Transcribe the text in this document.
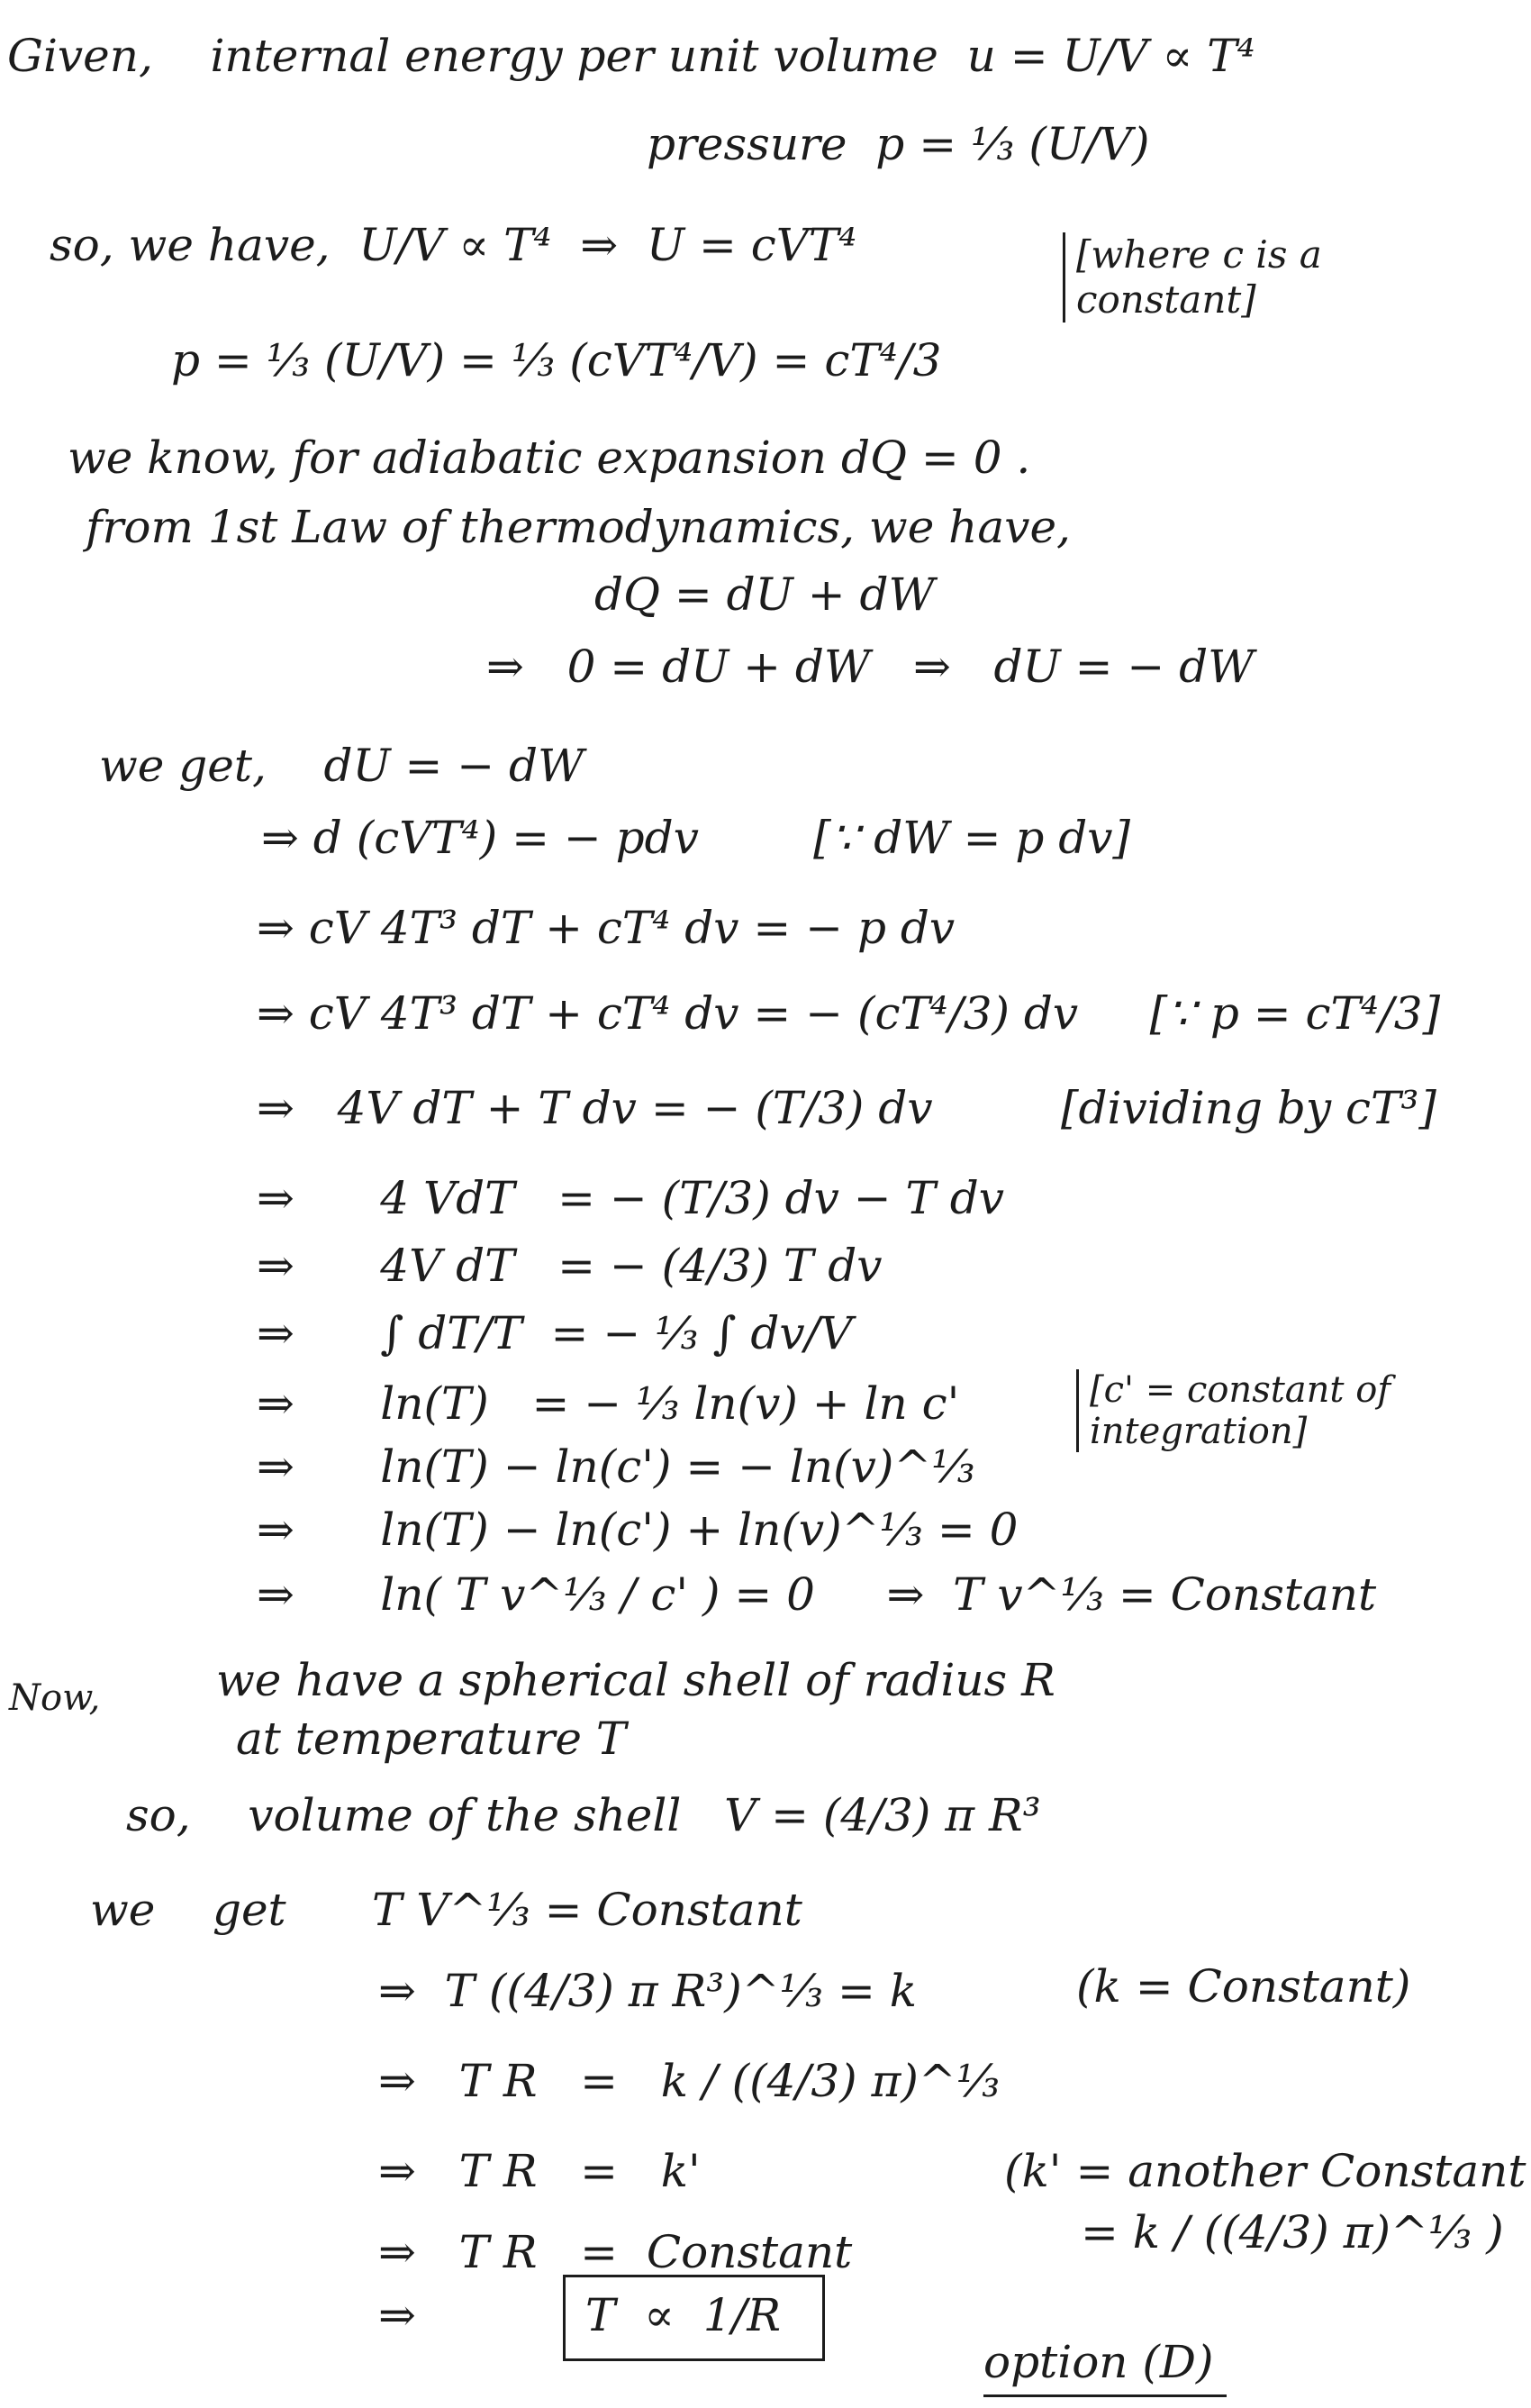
Given,    internal energy per unit volume  u = U/V ∝ T⁴
pressure  p = ⅓ (U/V)
so, we have,  U/V ∝ T⁴  ⇒  U = cVT⁴	[where c is a constant]
p = ⅓ (U/V) = ⅓ (cVT⁴/V) = cT⁴/3
we know, for adiabatic expansion dQ = 0 .
from 1st Law of thermodynamics, we have,
dQ = dU + dW
⇒   0 = dU + dW   ⇒   dU = − dW
we get,    dU = − dW
⇒ d (cVT⁴) = − pdv        [∵ dW = p dv]
⇒ cV 4T³ dT + cT⁴ dv = − p dv
⇒ cV 4T³ dT + cT⁴ dv = − (cT⁴/3) dv     [∵ p = cT⁴/3]
⇒   4V dT + T dv = − (T/3) dv	[dividing by cT³]
⇒      4 VdT   = − (T/3) dv − T dv
⇒      4V dT   = − (4/3) T dv
⇒      ∫ dT/T  = − ⅓ ∫ dv/V
⇒      ln(T)   = − ⅓ ln(v) + ln c'	[c' = constant of integration]
⇒      ln(T) − ln(c') = − ln(v)^⅓
⇒      ln(T) − ln(c') + ln(v)^⅓ = 0
⇒      ln( T v^⅓ / c' ) = 0     ⇒  T v^⅓ = Constant
Now,	we have a spherical shell of radius R
at temperature T
so,    volume of the shell   V = (4/3) π R³
we    get      T V^⅓ = Constant
⇒  T ((4/3) π R³)^⅓ = k	(k = Constant)
⇒   T R   =   k / ((4/3) π)^⅓
⇒   T R   =   k'	(k' = another Constant
= k / ((4/3) π)^⅓ )
⇒   T R   =  Constant
⇒	T  ∝  1/R
option (D)
